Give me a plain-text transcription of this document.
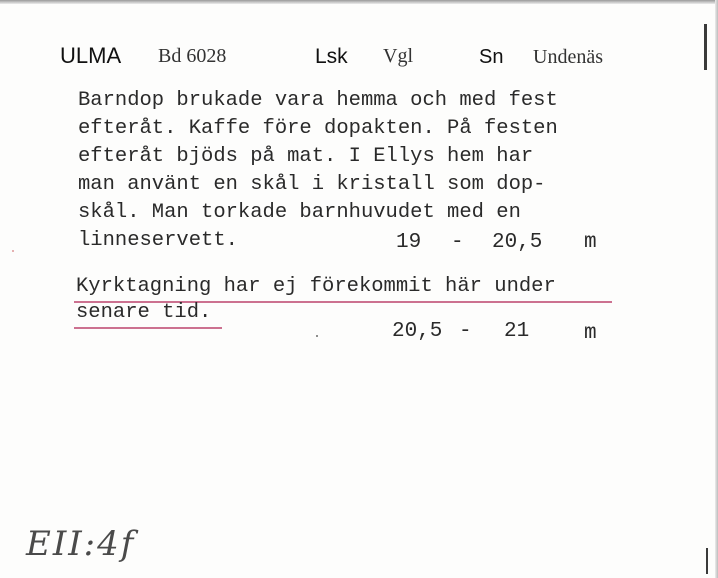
ULMA Bd 6028	Lsk Vgl	Sn Undenäs
Barndop brukade vara hemma och med fest
efteråt. Kaffe före dopakten. På festen
efteråt bjöds på mat. I Ellys hem har
man använt en skål i kristall som dop-
skål. Man torkade barnhuvudet med en
linneservett.	19 - 20,5 m
Kyrktagning har ej förekommit här under
senare tid.
20,5 - 21	m
EII:4f
